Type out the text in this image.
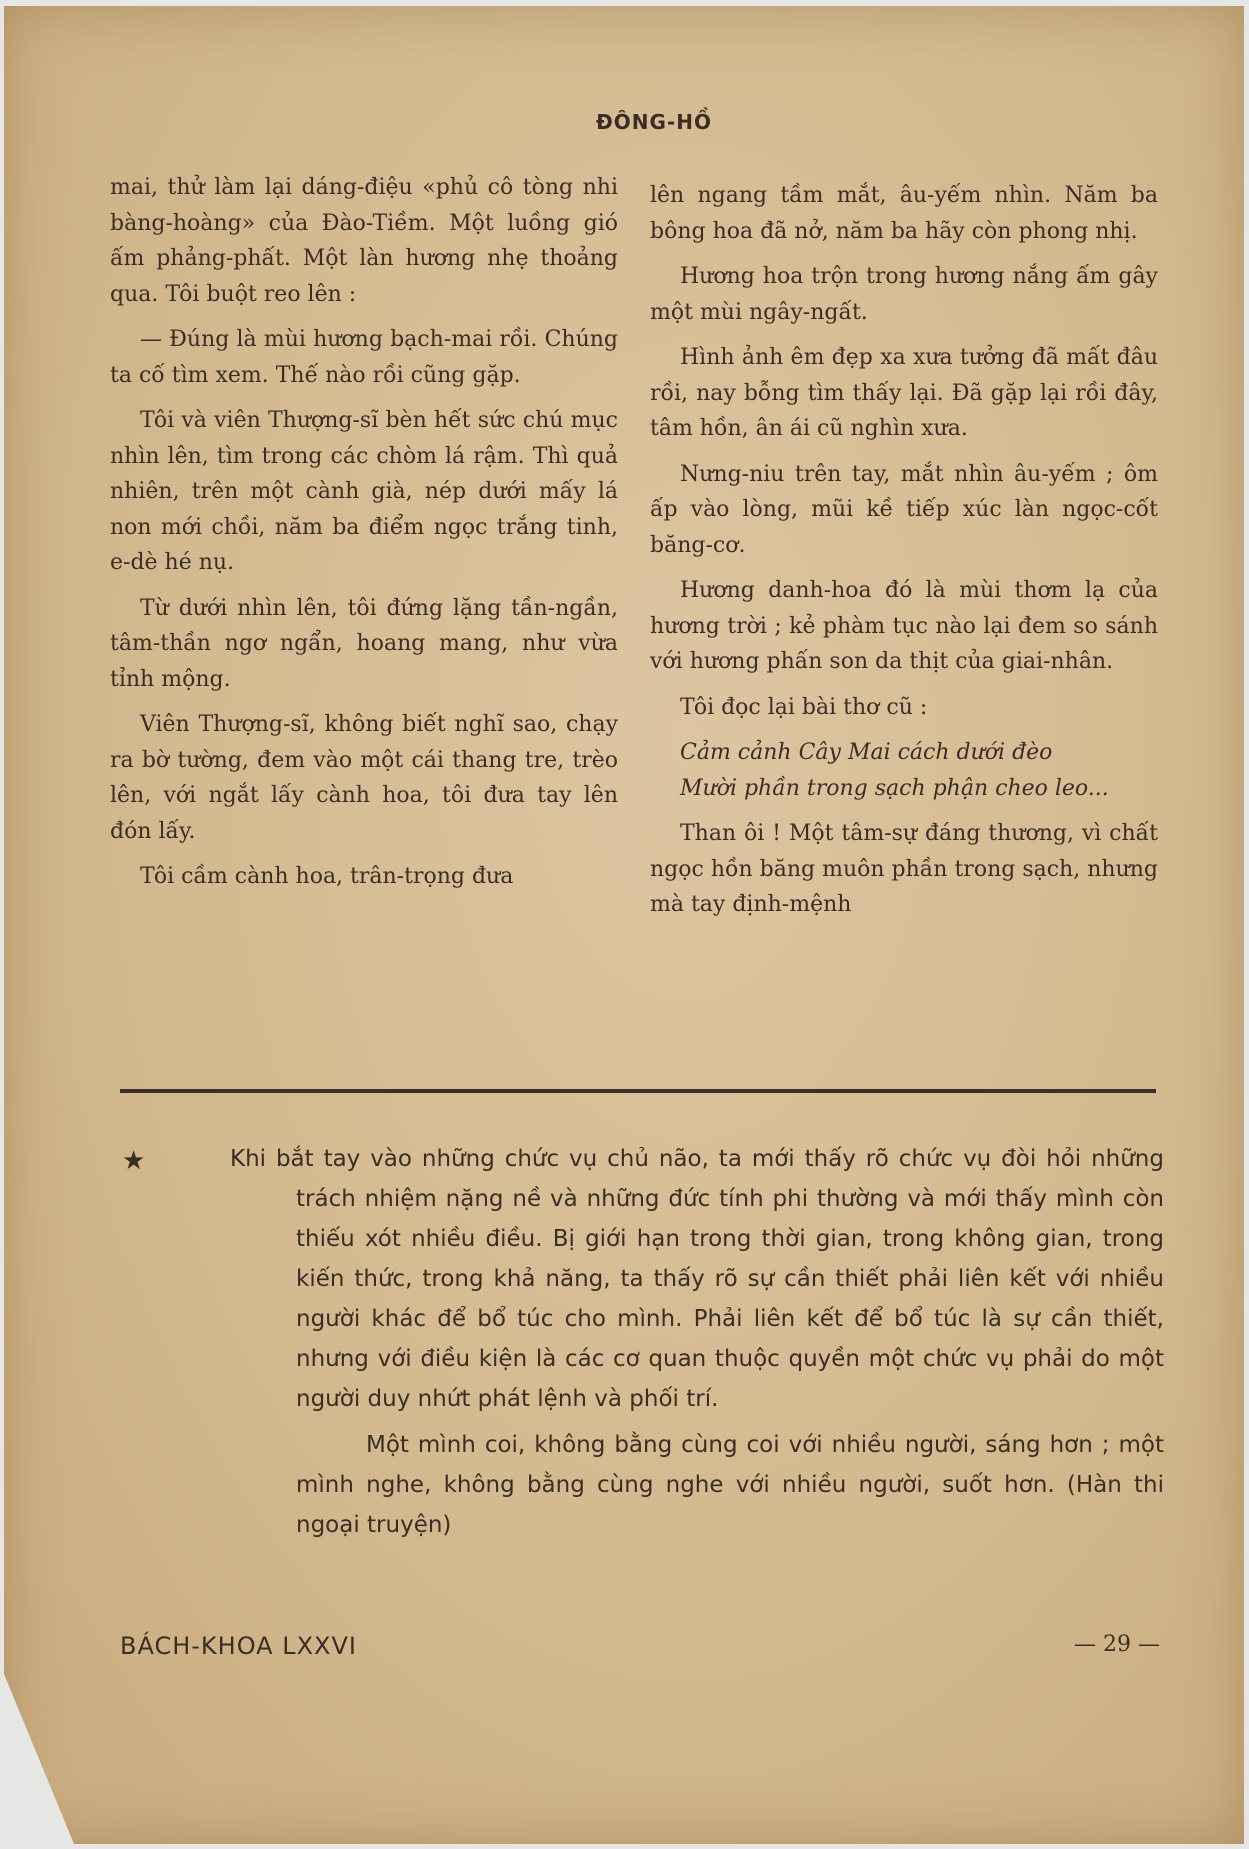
ĐÔNG-HỒ

mai, thử làm lại dáng-điệu «phủ cô tòng nhi bàng-hoàng» của Đào-Tiềm. Một luồng gió ấm phảng-phất. Một làn hương nhẹ thoảng qua. Tôi buột reo lên :

— Đúng là mùi hương bạch-mai rồi. Chúng ta cố tìm xem. Thế nào rồi cũng gặp.

Tôi và viên Thượng-sĩ bèn hết sức chú mục nhìn lên, tìm trong các chòm lá rậm. Thì quả nhiên, trên một cành già, nép dưới mấy lá non mới chồi, năm ba điểm ngọc trắng tinh, e-dè hé nụ.

Từ dưới nhìn lên, tôi đứng lặng tần-ngần, tâm-thần ngơ ngẩn, hoang mang, như vừa tỉnh mộng.

Viên Thượng-sĩ, không biết nghĩ sao, chạy ra bờ tường, đem vào một cái thang tre, trèo lên, với ngắt lấy cành hoa, tôi đưa tay lên đón lấy.

Tôi cầm cành hoa, trân-trọng đưa

lên ngang tầm mắt, âu-yếm nhìn. Năm ba bông hoa đã nở, năm ba hãy còn phong nhị.

Hương hoa trộn trong hương nắng ấm gây một mùi ngây-ngất.

Hình ảnh êm đẹp xa xưa tưởng đã mất đâu rồi, nay bỗng tìm thấy lại. Đã gặp lại rồi đây, tâm hồn, ân ái cũ nghìn xưa.

Nưng-niu trên tay, mắt nhìn âu-yếm ; ôm ấp vào lòng, mũi kề tiếp xúc làn ngọc-cốt băng-cơ.

Hương danh-hoa đó là mùi thơm lạ của hương trời ; kẻ phàm tục nào lại đem so sánh với hương phấn son da thịt của giai-nhân.

Tôi đọc lại bài thơ cũ :

Cảm cảnh Cây Mai cách dưới đèo
Mười phần trong sạch phận cheo leo...

Than ôi ! Một tâm-sự đáng thương, vì chất ngọc hồn băng muôn phần trong sạch, nhưng mà tay định-mệnh

★	Khi bắt tay vào những chức vụ chủ não, ta mới thấy rõ chức vụ đòi hỏi những trách nhiệm nặng nề và những đức tính phi thường và mới thấy mình còn thiếu xót nhiều điều. Bị giới hạn trong thời gian, trong không gian, trong kiến thức, trong khả năng, ta thấy rõ sự cần thiết phải liên kết với nhiều người khác để bổ túc cho mình. Phải liên kết để bổ túc là sự cần thiết, nhưng với điều kiện là các cơ quan thuộc quyền một chức vụ phải do một người duy nhứt phát lệnh và phối trí.

Một mình coi, không bằng cùng coi với nhiều người, sáng hơn ; một mình nghe, không bằng cùng nghe với nhiều người, suốt hơn. (Hàn thi ngoại truyện)

BÁCH-KHOA LXXVI	— 29 —
